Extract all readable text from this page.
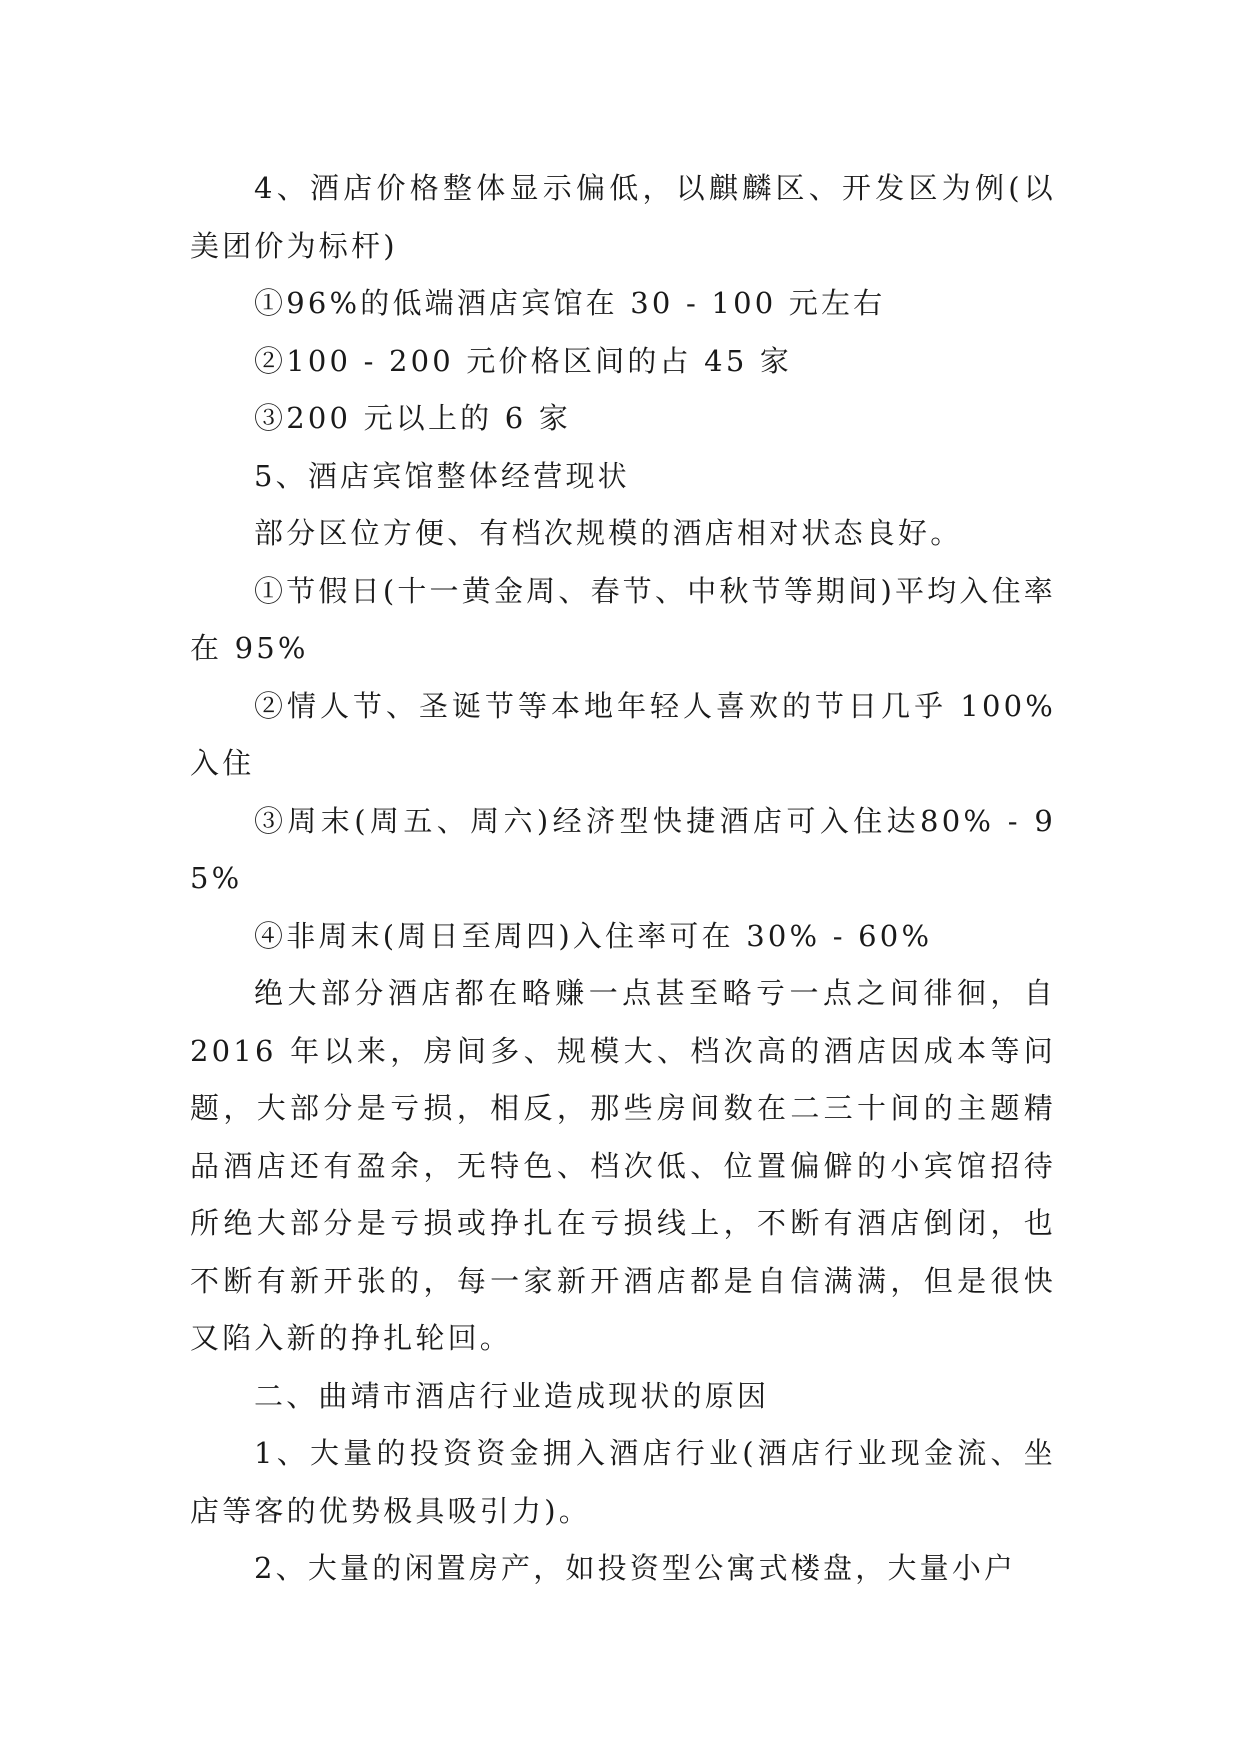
4、酒店价格整体显示偏低，以麒麟区、开发区为例(以美团价为标杆)

①96%的低端酒店宾馆在 30 - 100 元左右

②100 - 200 元价格区间的占 45 家

③200 元以上的 6 家

5、酒店宾馆整体经营现状

部分区位方便、有档次规模的酒店相对状态良好。

①节假日(十一黄金周、春节、中秋节等期间)平均入住率在 95%

②情人节、圣诞节等本地年轻人喜欢的节日几乎 100%入住

③周末(周五、周六)经济型快捷酒店可入住达80% - 95%

④非周末(周日至周四)入住率可在 30% - 60%

绝大部分酒店都在略赚一点甚至略亏一点之间徘徊，自 2016 年以来，房间多、规模大、档次高的酒店因成本等问题，大部分是亏损，相反，那些房间数在二三十间的主题精品酒店还有盈余，无特色、档次低、位置偏僻的小宾馆招待所绝大部分是亏损或挣扎在亏损线上，不断有酒店倒闭，也不断有新开张的，每一家新开酒店都是自信满满，但是很快又陷入新的挣扎轮回。

二、曲靖市酒店行业造成现状的原因

1、大量的投资资金拥入酒店行业(酒店行业现金流、坐店等客的优势极具吸引力)。

2、大量的闲置房产，如投资型公寓式楼盘，大量小户
